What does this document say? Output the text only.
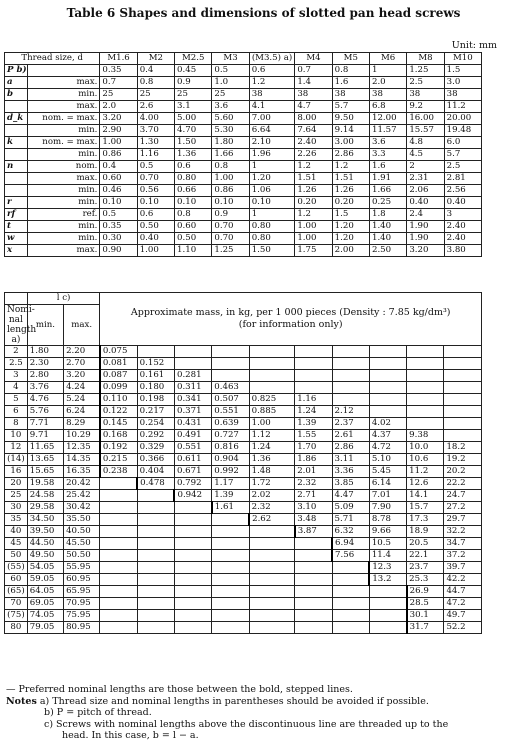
Table 6 Shapes and dimensions of slotted pan head screws
Unit: mm
Thread size, d		M1.6	M2	M2.5	M3	(M3.5) a)	M4	M5	M6	M8	M10
P b)		0.35	0.4	0.45	0.5	0.6	0.7	0.8	1	1.25	1.5
a	max.	0.7	0.8	0.9	1.0	1.2	1.4	1.6	2.0	2.5	3.0
b	min.	25	25	25	25	38	38	38	38	38	38
	max.	2.0	2.6	3.1	3.6	4.1	4.7	5.7	6.8	9.2	11.2
d_k	nom. = max.	3.20	4.00	5.00	5.60	7.00	8.00	9.50	12.00	16.00	20.00
	min.	2.90	3.70	4.70	5.30	6.64	7.64	9.14	11.57	15.57	19.48
k	nom. = max.	1.00	1.30	1.50	1.80	2.10	2.40	3.00	3.6	4.8	6.0
	min.	0.86	1.16	1.36	1.66	1.96	2.26	2.86	3.3	4.5	5.7
n	nom.	0.4	0.5	0.6	0.8	1	1.2	1.2	1.6	2	2.5
	max.	0.60	0.70	0.80	1.00	1.20	1.51	1.51	1.91	2.31	2.81
	min.	0.46	0.56	0.66	0.86	1.06	1.26	1.26	1.66	2.06	2.56
r	min.	0.10	0.10	0.10	0.10	0.10	0.20	0.20	0.25	0.40	0.40
rf	ref.	0.5	0.6	0.8	0.9	1	1.2	1.5	1.8	2.4	3
t	min.	0.35	0.50	0.60	0.70	0.80	1.00	1.20	1.40	1.90	2.40
w	min.	0.30	0.40	0.50	0.70	0.80	1.00	1.20	1.40	1.90	2.40
x	max.	0.90	1.00	1.10	1.25	1.50	1.75	2.00	2.50	3.20	3.80
	l c)		Approximate mass, in kg, per 1 000 pieces (Density : 7.85 kg/dm³)
(for information only)									

Nomi-nal length
a)	min.	max.										
2	1.80	2.20	0.075									
2.5	2.30	2.70	0.081	0.152								
3	2.80	3.20	0.087	0.161	0.281							
4	3.76	4.24	0.099	0.180	0.311	0.463						
5	4.76	5.24	0.110	0.198	0.341	0.507	0.825	1.16				
6	5.76	6.24	0.122	0.217	0.371	0.551	0.885	1.24	2.12			
8	7.71	8.29	0.145	0.254	0.431	0.639	1.00	1.39	2.37	4.02		
10	9.71	10.29	0.168	0.292	0.491	0.727	1.12	1.55	2.61	4.37	9.38	
12	11.65	12.35	0.192	0.329	0.551	0.816	1.24	1.70	2.86	4.72	10.0	18.2
(14)	13.65	14.35	0.215	0.366	0.611	0.904	1.36	1.86	3.11	5.10	10.6	19.2
16	15.65	16.35	0.238	0.404	0.671	0.992	1.48	2.01	3.36	5.45	11.2	20.2
20	19.58	20.42		0.478	0.792	1.17	1.72	2.32	3.85	6.14	12.6	22.2
25	24.58	25.42			0.942	1.39	2.02	2.71	4.47	7.01	14.1	24.7
30	29.58	30.42				1.61	2.32	3.10	5.09	7.90	15.7	27.2
35	34.50	35.50					2.62	3.48	5.71	8.78	17.3	29.7
40	39.50	40.50						3.87	6.32	9.66	18.9	32.2
45	44.50	45.50							6.94	10.5	20.5	34.7
50	49.50	50.50							7.56	11.4	22.1	37.2
(55)	54.05	55.95								12.3	23.7	39.7
60	59.05	60.95								13.2	25.3	42.2
(65)	64.05	65.95									26.9	44.7
70	69.05	70.95									28.5	47.2
(75)	74.05	75.95									30.1	49.7
80	79.05	80.95									31.7	52.2
— Preferred nominal lengths are those between the bold, stepped lines.
Notes a) Thread size and nominal lengths in parentheses should be avoided if possible.
b) P = pitch of thread.
c) Screws with nominal lengths above the discontinuous line are threaded up to the
head. In this case, b = l − a.
